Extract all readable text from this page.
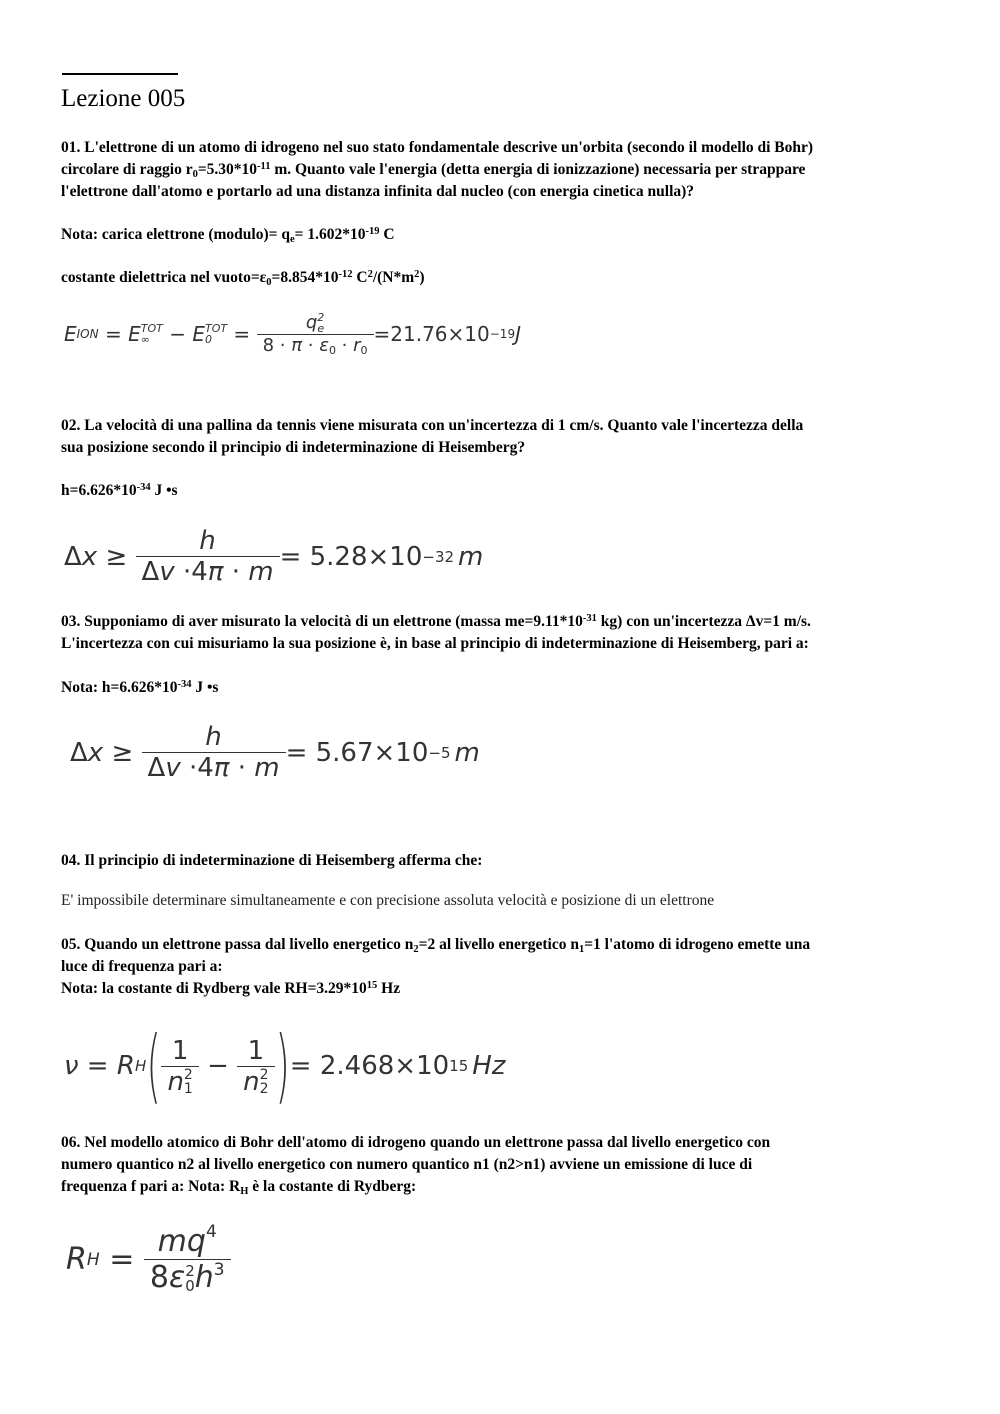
Lezione 005
01. L'elettrone di un atomo di idrogeno nel suo stato fondamentale descrive un'orbita (secondo il modello di Bohr)
circolare di raggio $r_0=5.30*10^{-11}$ m. Quanto vale l'energia (detta energia di ionizzazione) necessaria per strappare
l'elettrone dall'atomo e portarlo ad una distanza infinita dal nucleo (con energia cinetica nulla)?
Nota: carica elettrone (modulo)= $q_e= 1.602*10^{-19}$ C
costante dielettrica nel $vuoto=\varepsilon_0=8.854*10^{-12}$ $C^2/(N*m^2)$
E ION = E TOT
∞ − E TOT
0 = q 2
e
$8 \cdot \pi \cdot \varepsilon_0 \cdot r_0 =21.76\times 10 -19$ J
02. La velocità di una pallina da tennis viene misurata con un'incertezza di 1 cm/s. Quanto vale l'incertezza della
sua posizione secondo il principio di indeterminazione di Heisemberg?
$h=6.626*10^{-34}$ J •s
$\Delta x \ge \frac{h}{\Delta v \cdot 4\pi \cdot m} = 5.28\times 10 -32$ m
03. Supponiamo di aver misurato la velocità di un elettrone (massa $me=9.11*10^{-31}$ kg) con un'incertezza Δv=1 m/s.
L'incertezza con cui misuriamo la sua posizione è, in base al principio di indeterminazione di Heisemberg, pari a:
Nota: $h=6.626*10^{-34}$ J •s
$\Delta x \ge \frac{h}{\Delta v \cdot 4\pi \cdot m} = 5.67\times 10 -5$ m
04. Il principio di indeterminazione di Heisemberg afferma che:
E' impossibile determinare simultaneamente e con precisione assoluta velocità e posizione di un elettrone
05. Quando un elettrone passa dal livello energetico $n_2=2$ al livello energetico $n_1=1$ l'atomo di idrogeno emette una
luce di frequenza pari a:
Nota: la costante di Rydberg vale $RH=3.29*10^{15}$ Hz
ν = R H ( 1
n 2
1 − 1
n 2
2 ) = 2.468×10 15 Hz
06. Nel modello atomico di Bohr dell'atomo di idrogeno quando un elettrone passa dal livello energetico con
numero quantico n2 al livello energetico con numero quantico n1 (n2>n1) avviene un emissione di luce di
frequenza f pari a: Nota: $R_H$ è la costante di Rydberg:
R $H = mq^4$
8ε 2
0 $h^3$
